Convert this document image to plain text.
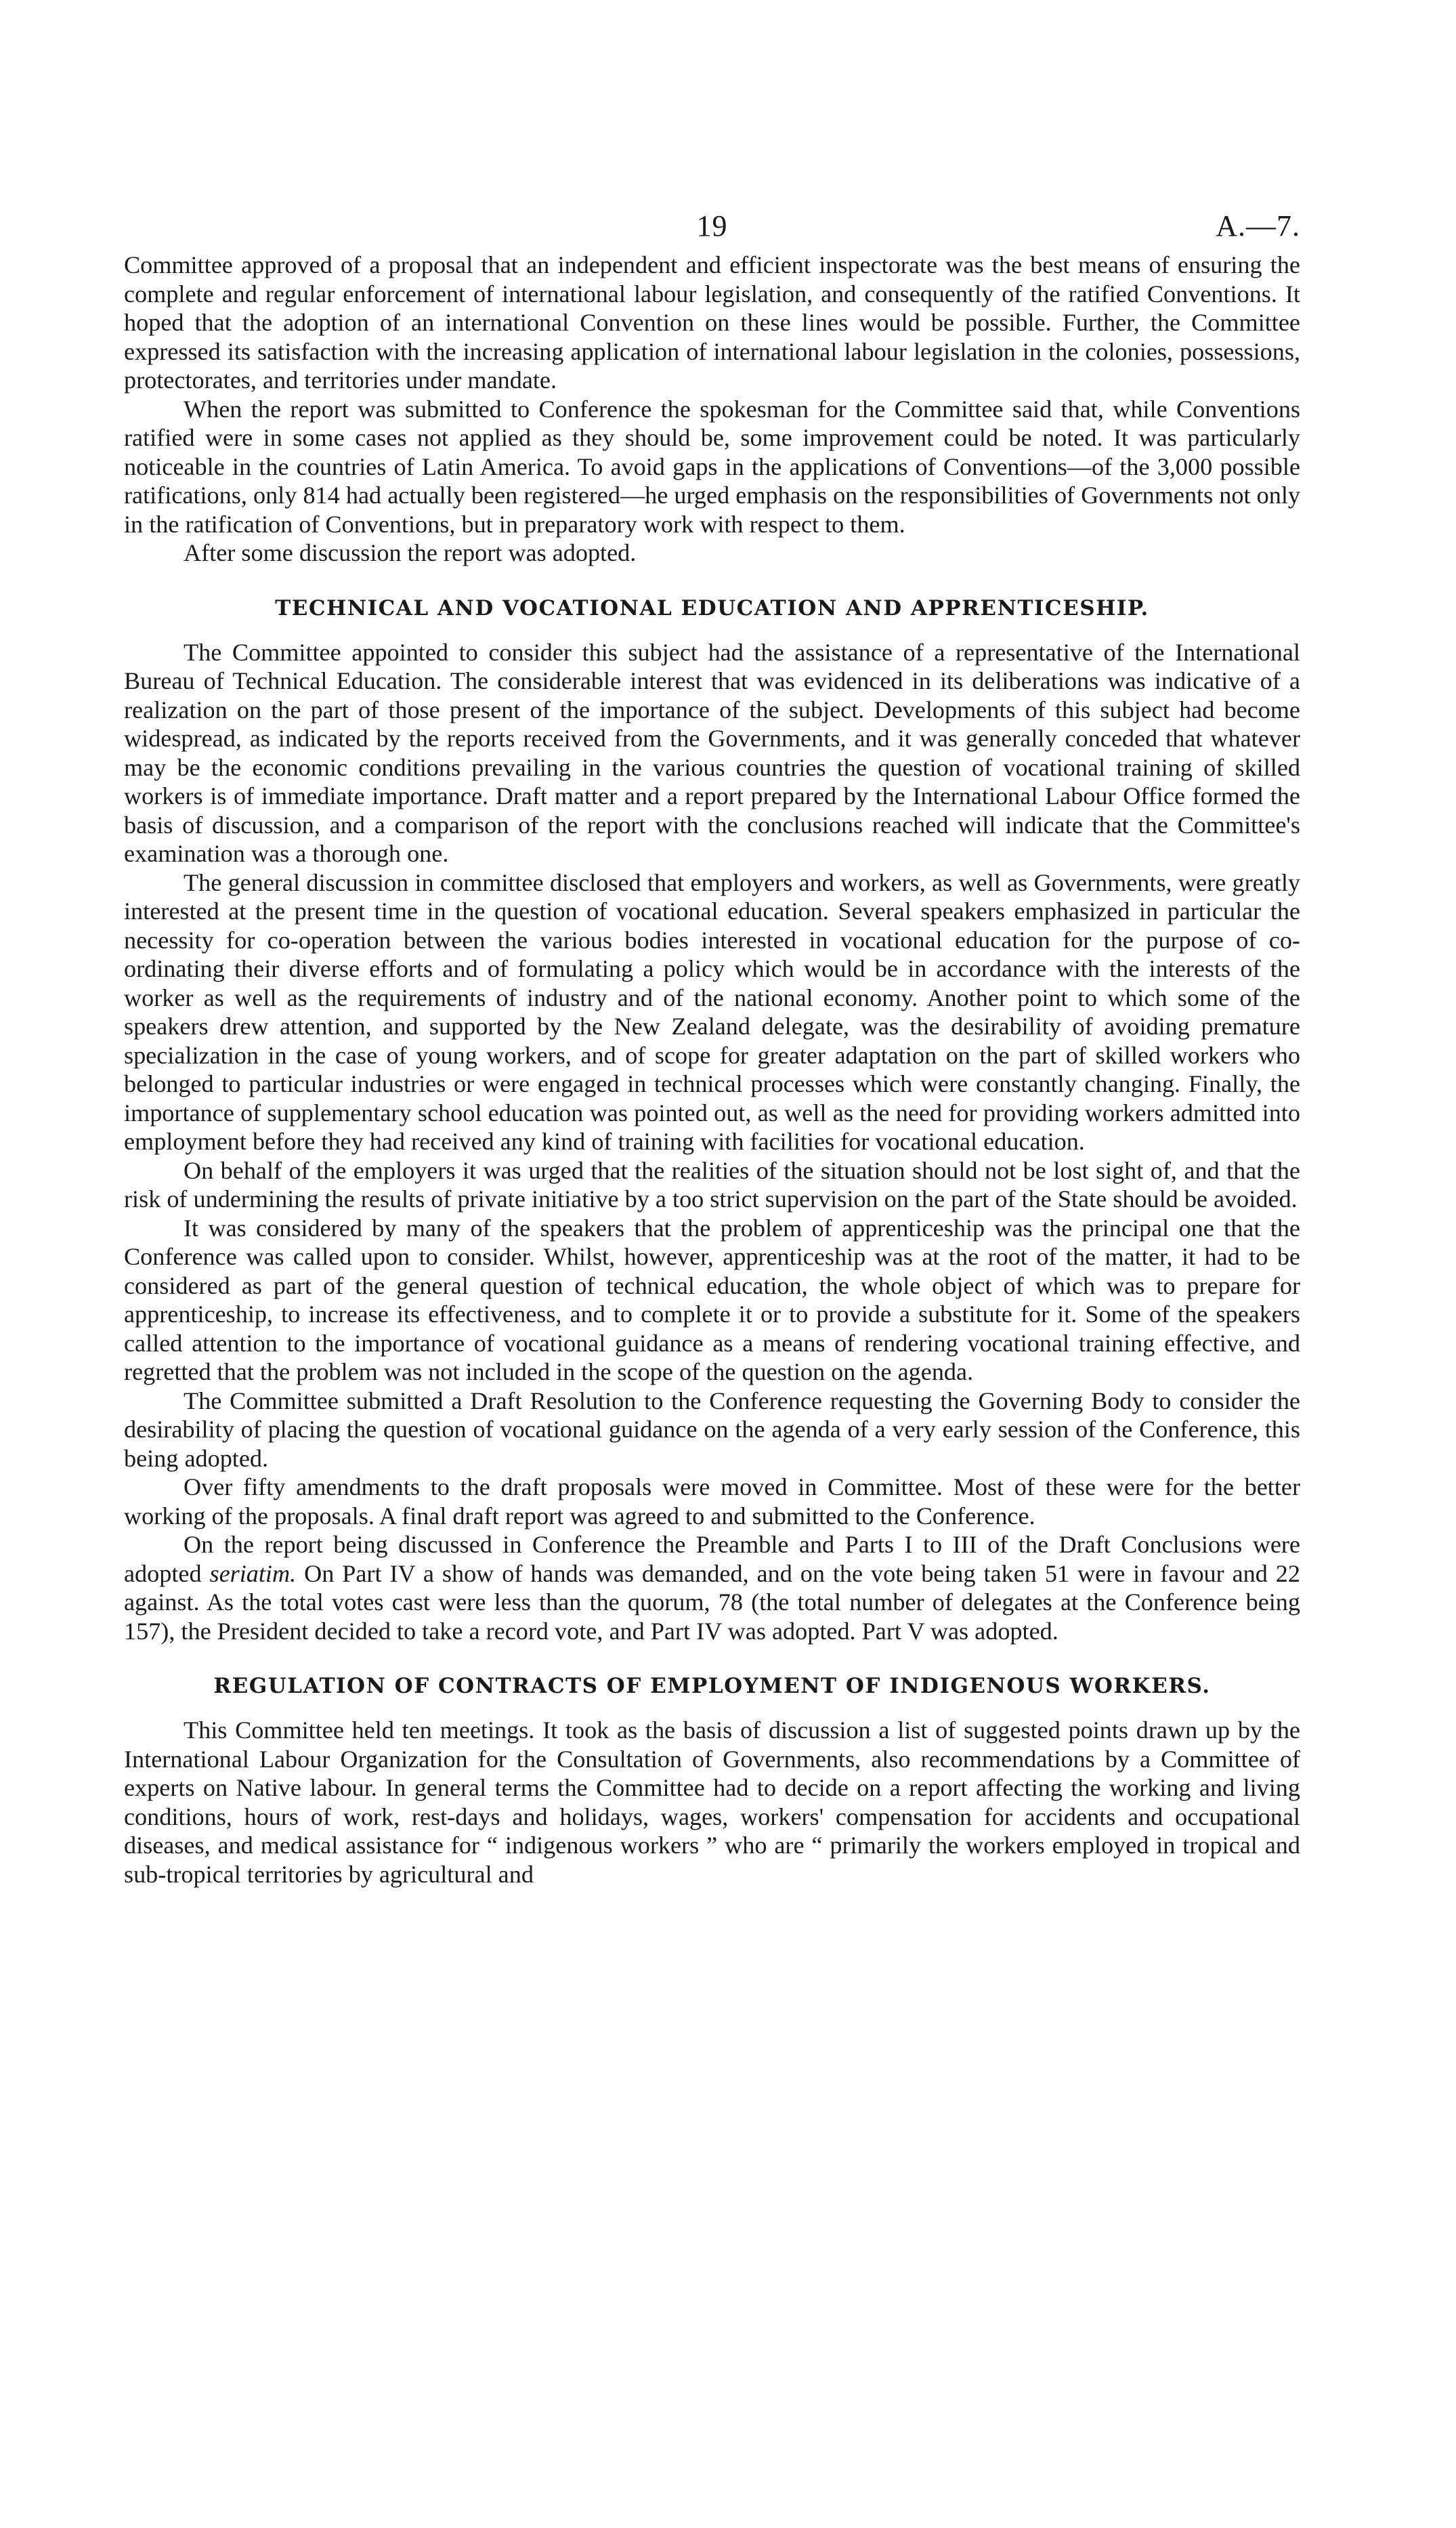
19	A.—7.

Committee approved of a proposal that an independent and efficient inspectorate was the best means of ensuring the complete and regular enforcement of international labour legislation, and consequently of the ratified Conventions. It hoped that the adoption of an international Convention on these lines would be possible. Further, the Committee expressed its satisfaction with the increasing application of international labour legislation in the colonies, possessions, protectorates, and territories under mandate.

When the report was submitted to Conference the spokesman for the Committee said that, while Conventions ratified were in some cases not applied as they should be, some improvement could be noted. It was particularly noticeable in the countries of Latin America. To avoid gaps in the applications of Conventions—of the 3,000 possible ratifications, only 814 had actually been registered—he urged emphasis on the responsibilities of Governments not only in the ratification of Conventions, but in preparatory work with respect to them.

After some discussion the report was adopted.

TECHNICAL AND VOCATIONAL EDUCATION AND APPRENTICESHIP.

The Committee appointed to consider this subject had the assistance of a representative of the International Bureau of Technical Education. The considerable interest that was evidenced in its deliberations was indicative of a realization on the part of those present of the importance of the subject. Developments of this subject had become widespread, as indicated by the reports received from the Governments, and it was generally conceded that whatever may be the economic conditions prevailing in the various countries the question of vocational training of skilled workers is of immediate importance. Draft matter and a report prepared by the International Labour Office formed the basis of discussion, and a comparison of the report with the conclusions reached will indicate that the Committee's examination was a thorough one.

The general discussion in committee disclosed that employers and workers, as well as Governments, were greatly interested at the present time in the question of vocational education. Several speakers emphasized in particular the necessity for co-operation between the various bodies interested in vocational education for the purpose of co-ordinating their diverse efforts and of formulating a policy which would be in accordance with the interests of the worker as well as the requirements of industry and of the national economy. Another point to which some of the speakers drew attention, and supported by the New Zealand delegate, was the desirability of avoiding premature specialization in the case of young workers, and of scope for greater adaptation on the part of skilled workers who belonged to particular industries or were engaged in technical processes which were constantly changing. Finally, the importance of supplementary school education was pointed out, as well as the need for providing workers admitted into employment before they had received any kind of training with facilities for vocational education.

On behalf of the employers it was urged that the realities of the situation should not be lost sight of, and that the risk of undermining the results of private initiative by a too strict supervision on the part of the State should be avoided.

It was considered by many of the speakers that the problem of apprenticeship was the principal one that the Conference was called upon to consider. Whilst, however, apprenticeship was at the root of the matter, it had to be considered as part of the general question of technical education, the whole object of which was to prepare for apprenticeship, to increase its effectiveness, and to complete it or to provide a substitute for it. Some of the speakers called attention to the importance of vocational guidance as a means of rendering vocational training effective, and regretted that the problem was not included in the scope of the question on the agenda.

The Committee submitted a Draft Resolution to the Conference requesting the Governing Body to consider the desirability of placing the question of vocational guidance on the agenda of a very early session of the Conference, this being adopted.

Over fifty amendments to the draft proposals were moved in Committee. Most of these were for the better working of the proposals. A final draft report was agreed to and submitted to the Conference.

On the report being discussed in Conference the Preamble and Parts I to III of the Draft Conclusions were adopted seriatim. On Part IV a show of hands was demanded, and on the vote being taken 51 were in favour and 22 against. As the total votes cast were less than the quorum, 78 (the total number of delegates at the Conference being 157), the President decided to take a record vote, and Part IV was adopted. Part V was adopted.

REGULATION OF CONTRACTS OF EMPLOYMENT OF INDIGENOUS WORKERS.

This Committee held ten meetings. It took as the basis of discussion a list of suggested points drawn up by the International Labour Organization for the Consultation of Governments, also recommendations by a Committee of experts on Native labour. In general terms the Committee had to decide on a report affecting the working and living conditions, hours of work, rest-days and holidays, wages, workers' compensation for accidents and occupational diseases, and medical assistance for “ indigenous workers ” who are “ primarily the workers employed in tropical and sub-tropical territories by agricultural and
